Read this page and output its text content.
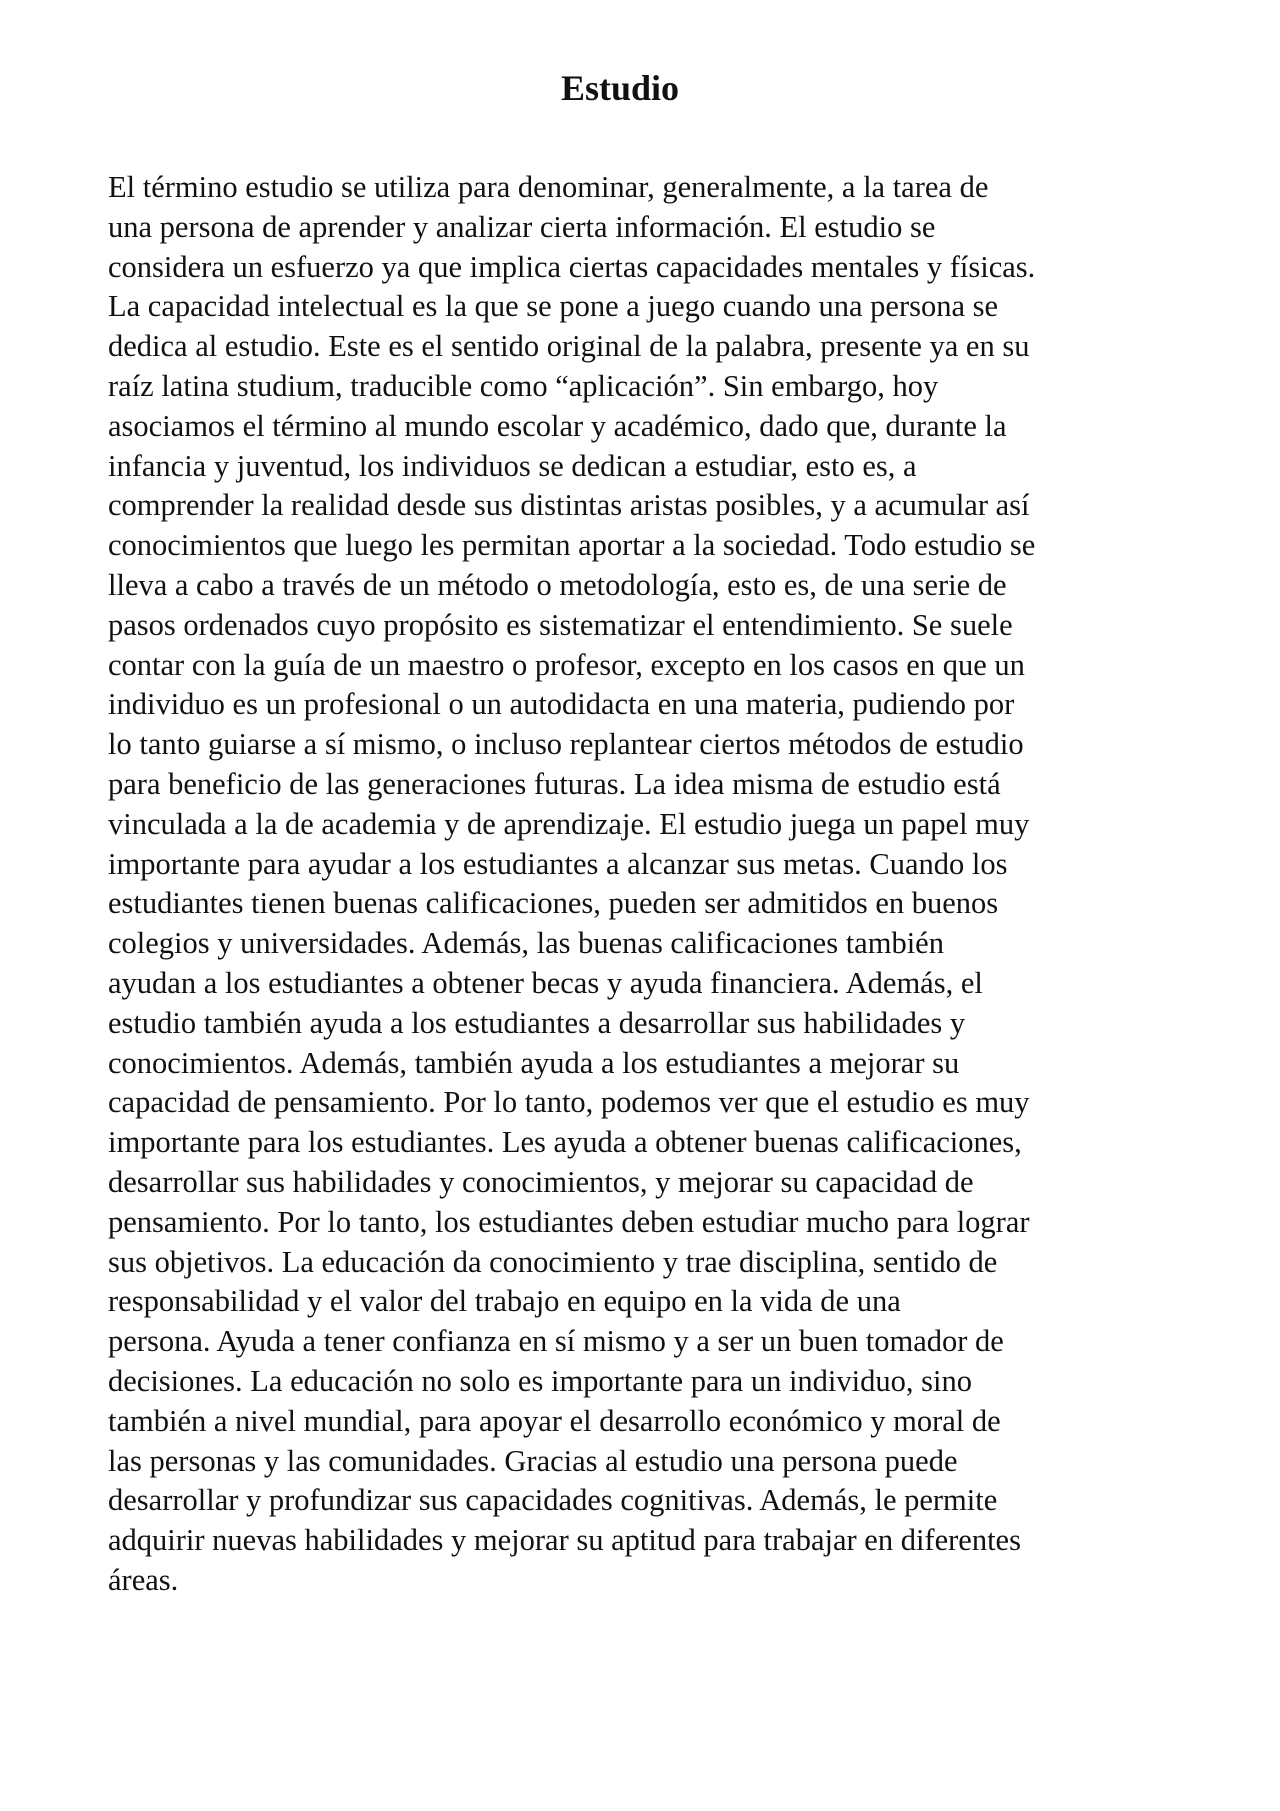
Estudio
El término estudio se utiliza para denominar, generalmente, a la tarea de
una persona de aprender y analizar cierta información. El estudio se
considera un esfuerzo ya que implica ciertas capacidades mentales y físicas.
La capacidad intelectual es la que se pone a juego cuando una persona se
dedica al estudio. Este es el sentido original de la palabra, presente ya en su
raíz latina studium, traducible como “aplicación”. Sin embargo, hoy
asociamos el término al mundo escolar y académico, dado que, durante la
infancia y juventud, los individuos se dedican a estudiar, esto es, a
comprender la realidad desde sus distintas aristas posibles, y a acumular así
conocimientos que luego les permitan aportar a la sociedad. Todo estudio se
lleva a cabo a través de un método o metodología, esto es, de una serie de
pasos ordenados cuyo propósito es sistematizar el entendimiento. Se suele
contar con la guía de un maestro o profesor, excepto en los casos en que un
individuo es un profesional o un autodidacta en una materia, pudiendo por
lo tanto guiarse a sí mismo, o incluso replantear ciertos métodos de estudio
para beneficio de las generaciones futuras. La idea misma de estudio está
vinculada a la de academia y de aprendizaje. El estudio juega un papel muy
importante para ayudar a los estudiantes a alcanzar sus metas. Cuando los
estudiantes tienen buenas calificaciones, pueden ser admitidos en buenos
colegios y universidades. Además, las buenas calificaciones también
ayudan a los estudiantes a obtener becas y ayuda financiera. Además, el
estudio también ayuda a los estudiantes a desarrollar sus habilidades y
conocimientos. Además, también ayuda a los estudiantes a mejorar su
capacidad de pensamiento. Por lo tanto, podemos ver que el estudio es muy
importante para los estudiantes. Les ayuda a obtener buenas calificaciones,
desarrollar sus habilidades y conocimientos, y mejorar su capacidad de
pensamiento. Por lo tanto, los estudiantes deben estudiar mucho para lograr
sus objetivos. La educación da conocimiento y trae disciplina, sentido de
responsabilidad y el valor del trabajo en equipo en la vida de una
persona. Ayuda a tener confianza en sí mismo y a ser un buen tomador de
decisiones. La educación no solo es importante para un individuo, sino
también a nivel mundial, para apoyar el desarrollo económico y moral de
las personas y las comunidades. Gracias al estudio una persona puede
desarrollar y profundizar sus capacidades cognitivas. Además, le permite
adquirir nuevas habilidades y mejorar su aptitud para trabajar en diferentes
áreas.
